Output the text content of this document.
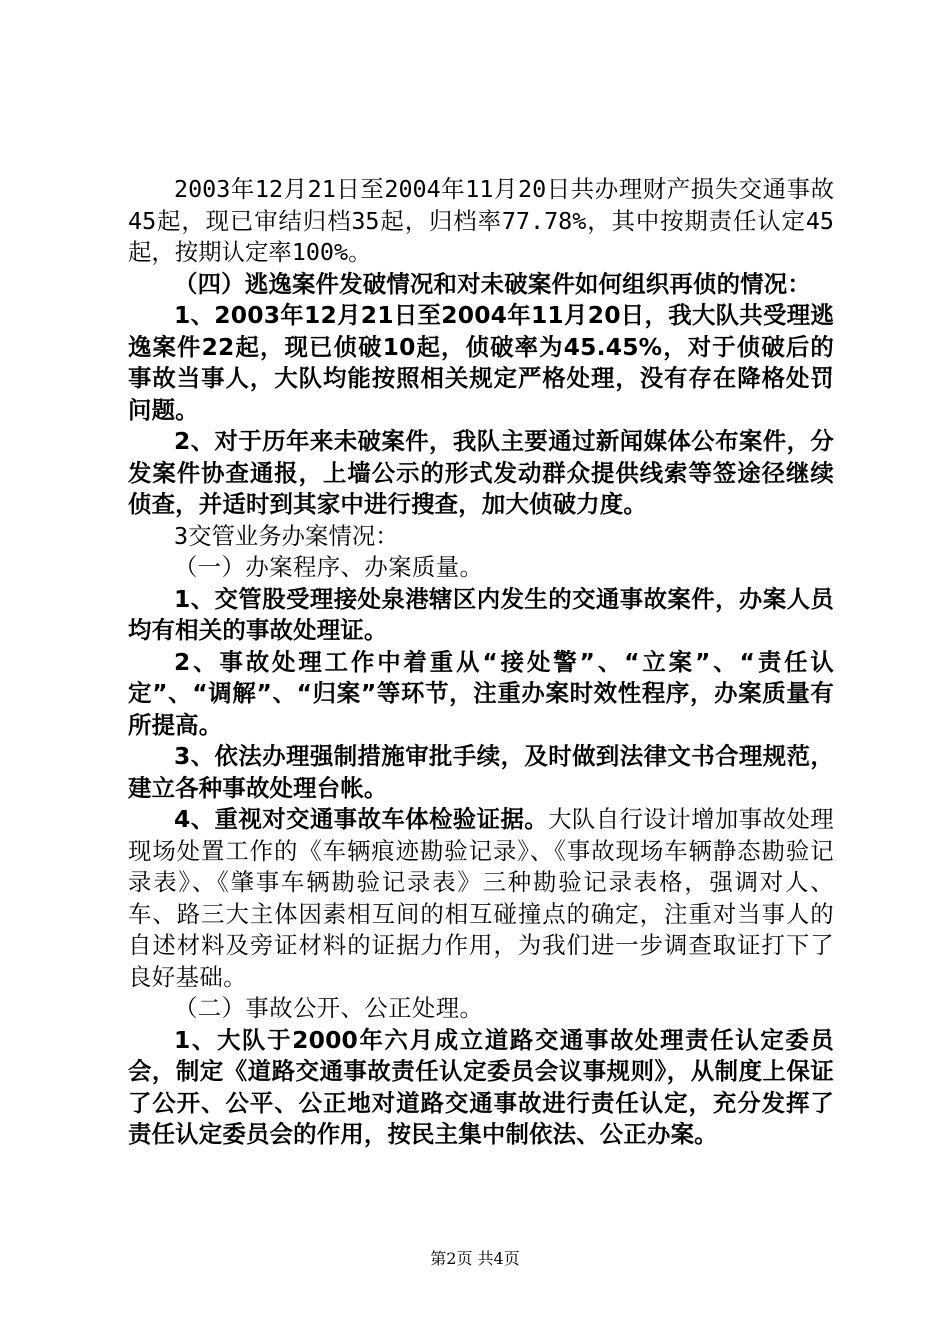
2003年12月21日至2004年11月20日共办理财产损失交通事故45起，现已审结归档35起，归档率77.78%，其中按期责任认定45起，按期认定率100%。

（四）逃逸案件发破情况和对未破案件如何组织再侦的情况：

1、2003年12月21日至2004年11月20日，我大队共受理逃逸案件22起，现已侦破10起，侦破率为45.45%，对于侦破后的事故当事人，大队均能按照相关规定严格处理，没有存在降格处罚问题。

2、对于历年来未破案件，我队主要通过新闻媒体公布案件，分发案件协查通报，上墙公示的形式发动群众提供线索等签途径继续侦查，并适时到其家中进行搜查，加大侦破力度。

3交管业务办案情况：

（一）办案程序、办案质量。

1、交管股受理接处泉港辖区内发生的交通事故案件，办案人员均有相关的事故处理证。

2、事故处理工作中着重从“接处警”、“立案”、“责任认定”、“调解”、“归案”等环节，注重办案时效性程序，办案质量有所提高。

3、依法办理强制措施审批手续，及时做到法律文书合理规范，建立各种事故处理台帐。

4、重视对交通事故车体检验证据。大队自行设计增加事故处理现场处置工作的《车辆痕迹勘验记录》、《事故现场车辆静态勘验记录表》、《肇事车辆勘验记录表》三种勘验记录表格，强调对人、车、路三大主体因素相互间的相互碰撞点的确定，注重对当事人的自述材料及旁证材料的证据力作用，为我们进一步调查取证打下了良好基础。

（二）事故公开、公正处理。

1、大队于2000年六月成立道路交通事故处理责任认定委员会，制定《道路交通事故责任认定委员会议事规则》，从制度上保证了公开、公平、公正地对道路交通事故进行责任认定，充分发挥了责任认定委员会的作用，按民主集中制依法、公正办案。

第2页 共4页
